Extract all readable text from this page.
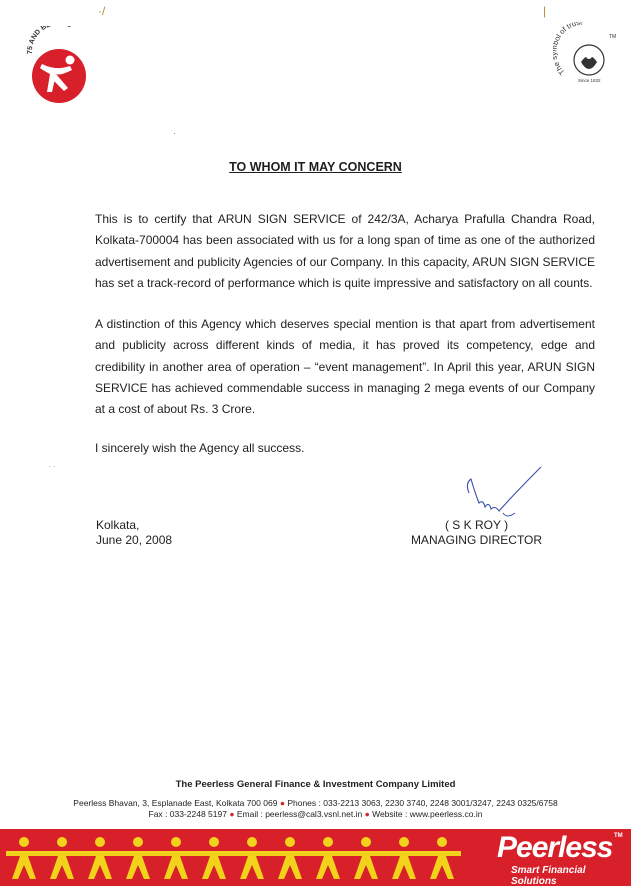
·/	|
75 AND B
Th ol of trust
TM
Since 1932
·
TO WHOM IT MAY CONCERN
This is to certify that ARUN SIGN SERVICE of 242/3A, Acharya Prafulla Chandra Road, Kolkata-700004 has been associated with us for a long span of time as one of the authorized advertisement and publicity Agencies of our Company. In this capacity, ARUN SIGN SERVICE has set a track-record of performance which is quite impressive and satisfactory on all counts.
A distinction of this Agency which deserves special mention is that apart from advertisement and publicity across different kinds of media, it has proved its competency, edge and credibility in another area of operation – “event management”. In April this year, ARUN SIGN SERVICE has achieved commendable success in managing 2 mega events of our Company at a cost of about Rs. 3 Crore.
I sincerely wish the Agency all success.
Kolkata,
June 20, 2008
( S K ROY )
MANAGING DIRECTOR
· ·
The Peerless General Finance & Investment Company Limited
Peerless Bhavan, 3, Esplanade East, Kolkata 700 069 ● Phones : 033-2213 3063, 2230 3740, 2248 3001/3247, 2243 0325/6758
Fax : 033-2248 5197 ● Email : peerless@cal3.vsnl.net.in ● Website : www.peerless.co.in
Peerless TM
Smart Financial Solutions
